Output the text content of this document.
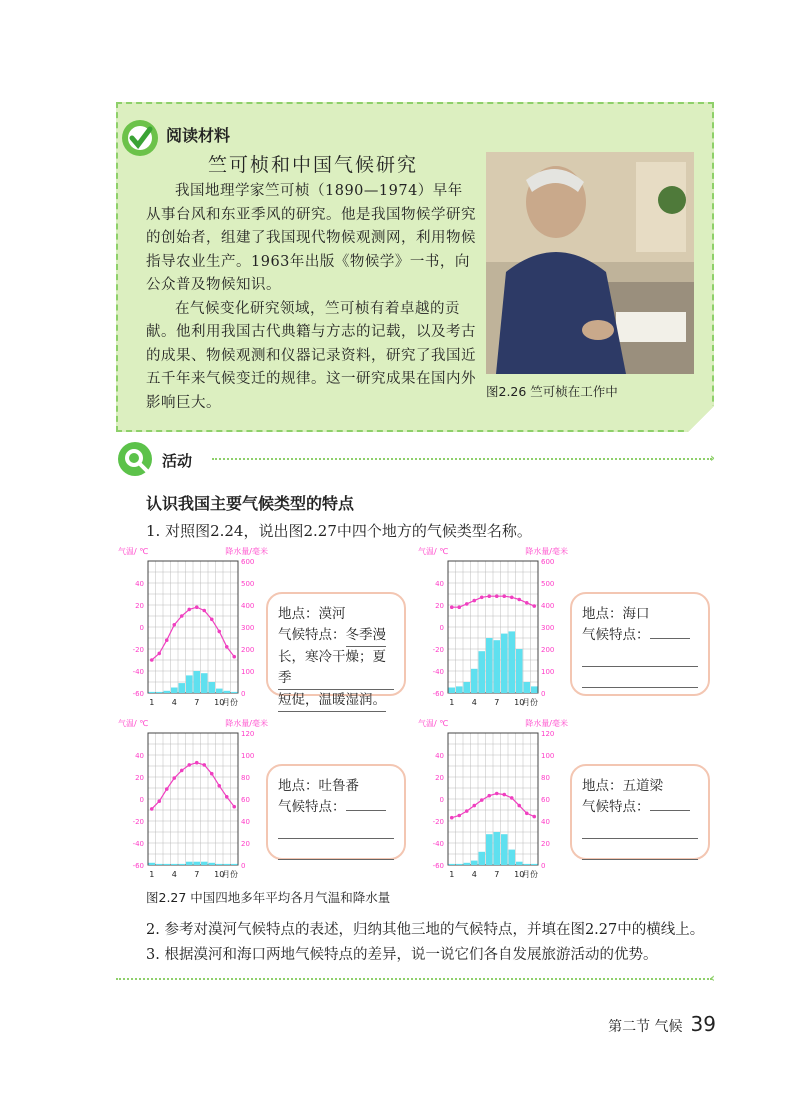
阅读材料
竺可桢和中国气候研究

我国地理学家竺可桢（1890—1974）早年从事台风和东亚季风的研究。他是我国物候学研究的创始者，组建了我国现代物候观测网，利用物候指导农业生产。1963年出版《物候学》一书，向公众普及物候知识。

在气候变化研究领域，竺可桢有着卓越的贡献。他利用我国古代典籍与方志的记载，以及考古的成果、物候观测和仪器记录资料，研究了我国近五千年来气候变迁的规律。这一研究成果在国内外影响巨大。

图2.26 竺可桢在工作中
活动	›
认识我国主要气候类型的特点
1. 对照图2.24，说出图2.27中四个地方的气候类型名称。
气温/ ℃	降水量/毫米
40
20
0
-20
-40
-60
600
500
400
300
200
100
0
1 4 7 10
月份
气温/ ℃	降水量/毫米
40
20
0
-20
-40
-60
600
500
400
300
200
100
0
1 4 7 10
月份
气温/ ℃	降水量/毫米
40
20
0
-20
-40
-60
120
100
80
60
40
20
0
1 4 7 10
月份
气温/ ℃	降水量/毫米
40
20
0
-20
-40
-60
120
100
80
60
40
20
0
1 4 7 10
月份
地点：漠河
气候特点：冬季漫
长，寒冷干燥；夏季
短促，温暖湿润。
地点：海口
气候特点：
地点：吐鲁番
气候特点：
地点：五道梁
气候特点：
图2.27 中国四地多年平均各月气温和降水量
2. 参考对漠河气候特点的表述，归纳其他三地的气候特点，并填在图2.27中的横线上。
3. 根据漠河和海口两地气候特点的差异，说一说它们各自发展旅游活动的优势。
‹
第二节 气候 39
